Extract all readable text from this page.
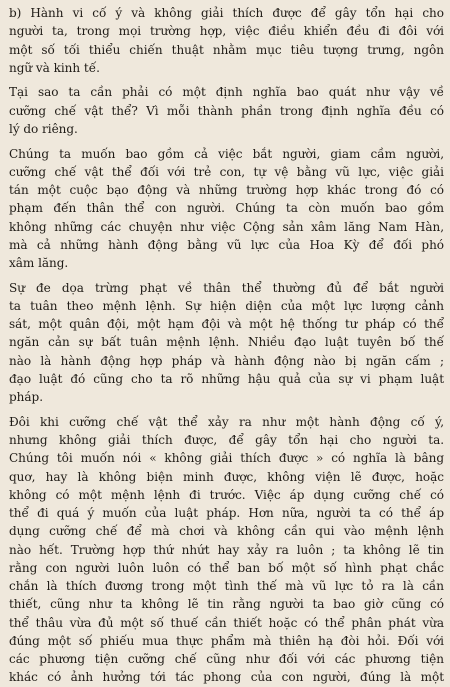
b) Hành vi cố ý và không giải thích được để gây tổn hại cho
người ta, trong mọi trường hợp, việc điều khiển đều đi đôi với
một số tối thiểu chiến thuật nhằm mục tiêu tượng trưng, ngôn
ngữ và kinh tế.
Tại sao ta cần phải có một định nghĩa bao quát như vậy về
cưỡng chế vật thể? Vì mỗi thành phần trong định nghĩa đều có
lý do riêng.
Chúng ta muốn bao gồm cả việc bắt người, giam cầm người,
cưỡng chế vật thể đối với trẻ con, tự vệ bằng vũ lực, việc giải
tán một cuộc bạo động và những trường hợp khác trong đó có
phạm đến thân thể con người. Chúng ta còn muốn bao gồm
không những các chuyện như việc Cộng sản xâm lăng Nam Hàn,
mà cả những hành động bằng vũ lực của Hoa Kỳ để đối phó
xâm lăng.
Sự đe dọa trừng phạt về thân thể thường đủ để bắt người
ta tuân theo mệnh lệnh. Sự hiện diện của một lực lượng cảnh
sát, một quân đội, một hạm đội và một hệ thống tư pháp có thể
ngăn cản sự bất tuân mệnh lệnh. Nhiều đạo luật tuyên bố thế
nào là hành động hợp pháp và hành động nào bị ngăn cấm ;
đạo luật đó cũng cho ta rõ những hậu quả của sự vi phạm luật
pháp.
Đôi khi cưỡng chế vật thể xảy ra như một hành động cố ý,
nhưng không giải thích được, để gây tổn hại cho người ta.
Chúng tôi muốn nói « không giải thích được » có nghĩa là bâng
quơ, hay là không biện minh được, không viện lẽ được, hoặc
không có một mệnh lệnh đi trước. Việc áp dụng cưỡng chế có
thể đi quá ý muốn của luật pháp. Hơn nữa, người ta có thể áp
dụng cưỡng chế để mà chơi và không cần qui vào mệnh lệnh
nào hết. Trường hợp thứ nhứt hay xảy ra luôn ; ta không lẽ tin
rằng con người luôn luôn có thể ban bố một số hình phạt chắc
chắn là thích đương trong một tình thế mà vũ lực tỏ ra là cần
thiết, cũng như ta không lẽ tin rằng người ta bao giờ cũng có
thể thâu vừa đủ một số thuế cần thiết hoặc có thể phân phát vừa
đúng một số phiếu mua thực phẩm mà thiên hạ đòi hỏi. Đối với
các phương tiện cưỡng chế cũng như đối với các phương tiện
khác có ảnh hưởng tới tác phong của con người, đúng là một
